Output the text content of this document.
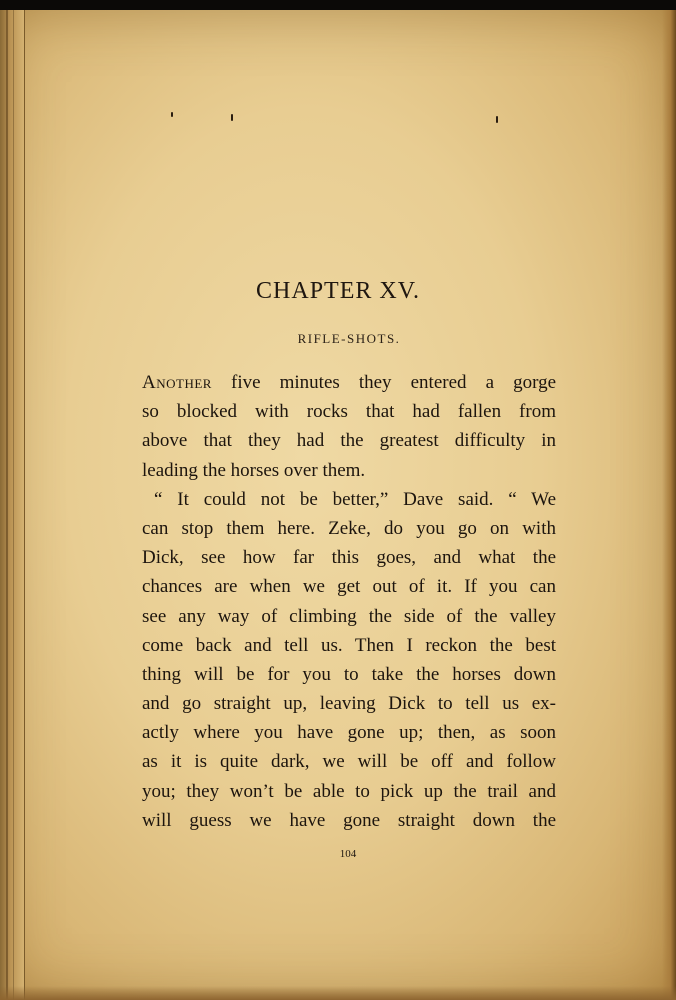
CHAPTER XV.
RIFLE-SHOTS.
Another five minutes they entered a gorge
so blocked with rocks that had fallen from
above that they had the greatest difficulty in
leading the horses over them.
“ It could not be better,” Dave said. “ We
can stop them here. Zeke, do you go on with
Dick, see how far this goes, and what the
chances are when we get out of it. If you can
see any way of climbing the side of the valley
come back and tell us. Then I reckon the best
thing will be for you to take the horses down
and go straight up, leaving Dick to tell us ex-
actly where you have gone up; then, as soon
as it is quite dark, we will be off and follow
you; they won’t be able to pick up the trail and
will guess we have gone straight down the
104
